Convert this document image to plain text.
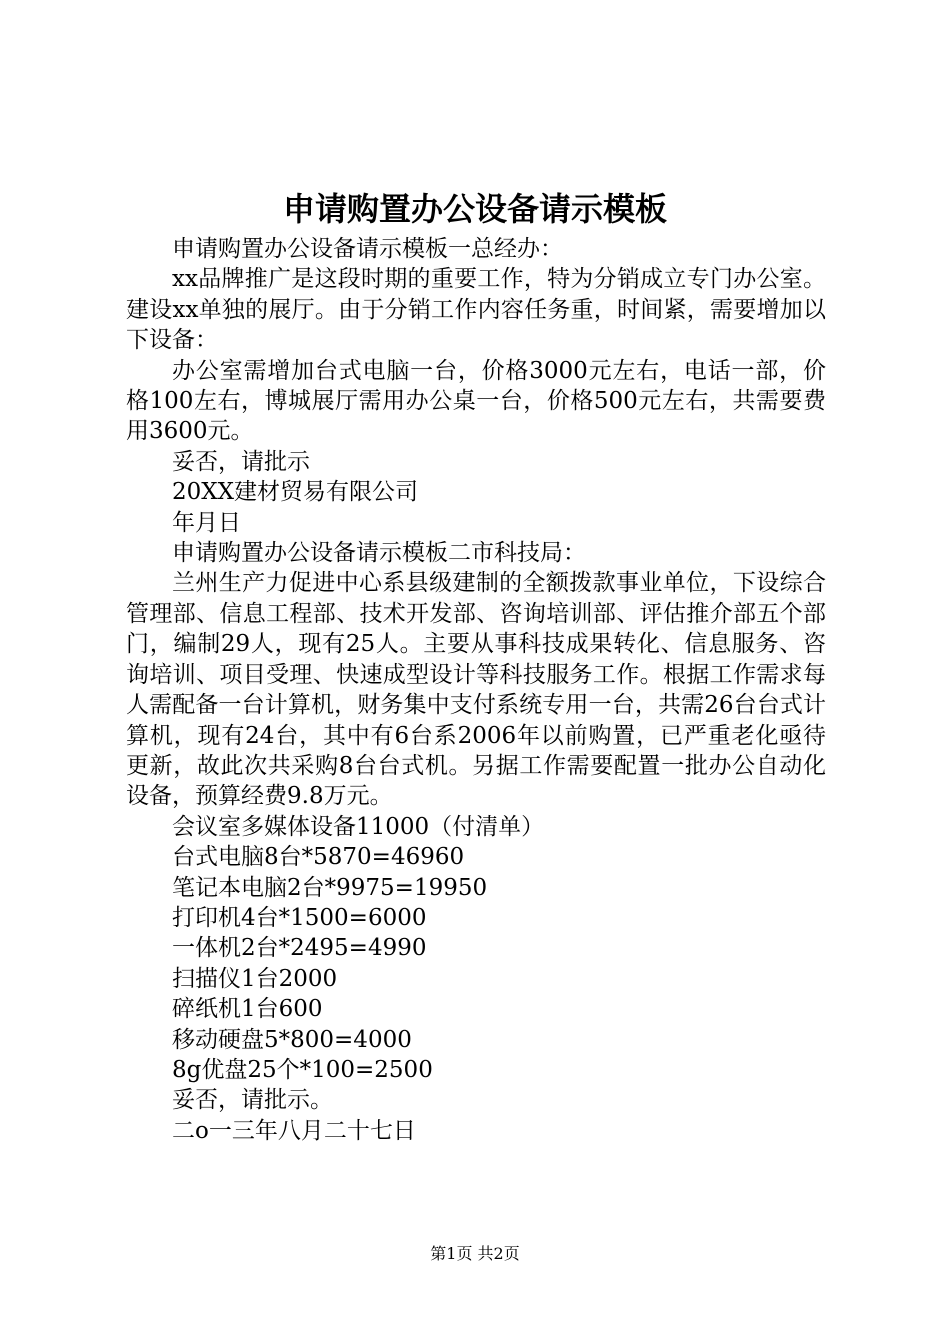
申请购置办公设备请示模板

申请购置办公设备请示模板一总经办：

xx品牌推广是这段时期的重要工作，特为分销成立专门办公室。建设xx单独的展厅。由于分销工作内容任务重，时间紧，需要增加以下设备：

办公室需增加台式电脑一台，价格3000元左右，电话一部，价格100左右，博城展厅需用办公桌一台，价格500元左右，共需要费用3600元。

妥否，请批示

20XX建材贸易有限公司

年月日

申请购置办公设备请示模板二市科技局：

兰州生产力促进中心系县级建制的全额拨款事业单位，下设综合管理部、信息工程部、技术开发部、咨询培训部、评估推介部五个部门，编制29人，现有25人。主要从事科技成果转化、信息服务、咨询培训、项目受理、快速成型设计等科技服务工作。根据工作需求每人需配备一台计算机，财务集中支付系统专用一台，共需26台台式计算机，现有24台，其中有6台系2006年以前购置，已严重老化亟待更新，故此次共采购8台台式机。另据工作需要配置一批办公自动化设备，预算经费9.8万元。

会议室多媒体设备11000（付清单）

台式电脑8台*5870=46960

笔记本电脑2台*9975=19950

打印机4台*1500=6000

一体机2台*2495=4990

扫描仪1台2000

碎纸机1台600

移动硬盘5*800=4000

8g优盘25个*100=2500

妥否，请批示。

二o一三年八月二十七日

第1页 共2页
